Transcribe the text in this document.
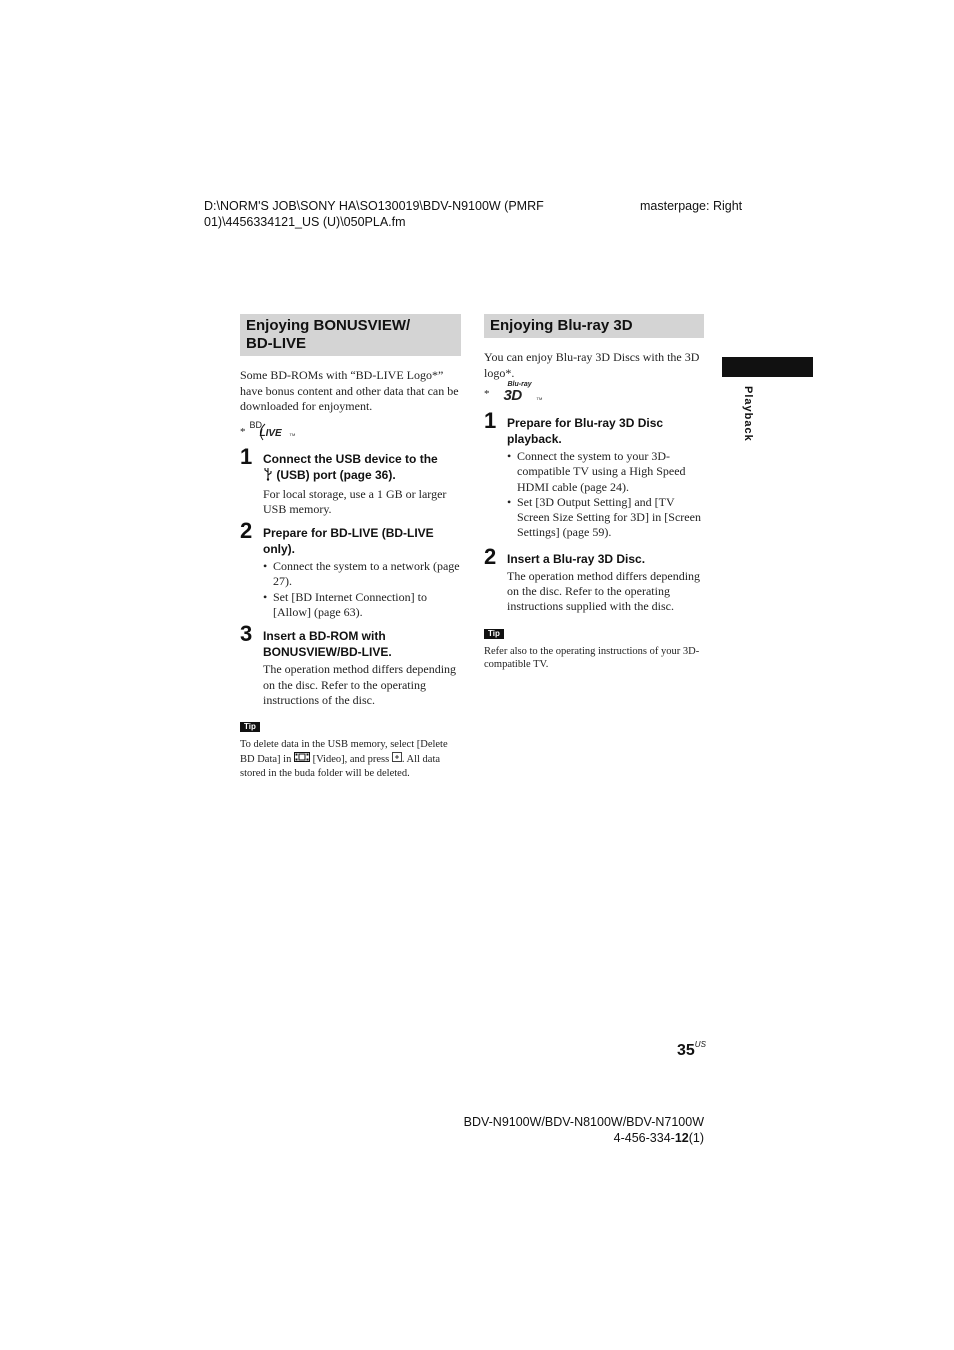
D:\NORM'S JOB\SONY HA\SO130019\BDV-N9100W (PMRF
01)\4456334121_US (U)\050PLA.fm
masterpage: Right
Playback
Enjoying BONUSVIEW/
BD-LIVE
Some BD-ROMs with “BD-LIVE Logo*” have bonus content and other data that can be downloaded for enjoyment.
*
BD
LIVE TM
1 Connect the USB device to the
(USB) port (page 36).
For local storage, use a 1 GB or larger USB memory.
2 Prepare for BD-LIVE (BD-LIVE only).
• Connect the system to a network (page 27).
• Set [BD Internet Connection] to [Allow] (page 63).
3 Insert a BD-ROM with BONUSVIEW/BD-LIVE.
The operation method differs depending on the disc. Refer to the operating instructions of the disc.
Tip
To delete data in the USB memory, select [Delete BD Data] in [Video], and press . All data stored in the buda folder will be deleted.
Enjoying Blu-ray 3D
You can enjoy Blu-ray 3D Discs with the 3D logo*.
*
Blu-ray
3D	TM
1 Prepare for Blu-ray 3D Disc playback.
• Connect the system to your 3D-compatible TV using a High Speed HDMI cable (page 24).
• Set [3D Output Setting] and [TV Screen Size Setting for 3D] in [Screen Settings] (page 59).
2 Insert a Blu-ray 3D Disc.
The operation method differs depending on the disc. Refer to the operating instructions supplied with the disc.
Tip
Refer also to the operating instructions of your 3D-compatible TV.
$35^{US}$
BDV-N9100W/BDV-N8100W/BDV-N7100W
4-456-334-12(1)
